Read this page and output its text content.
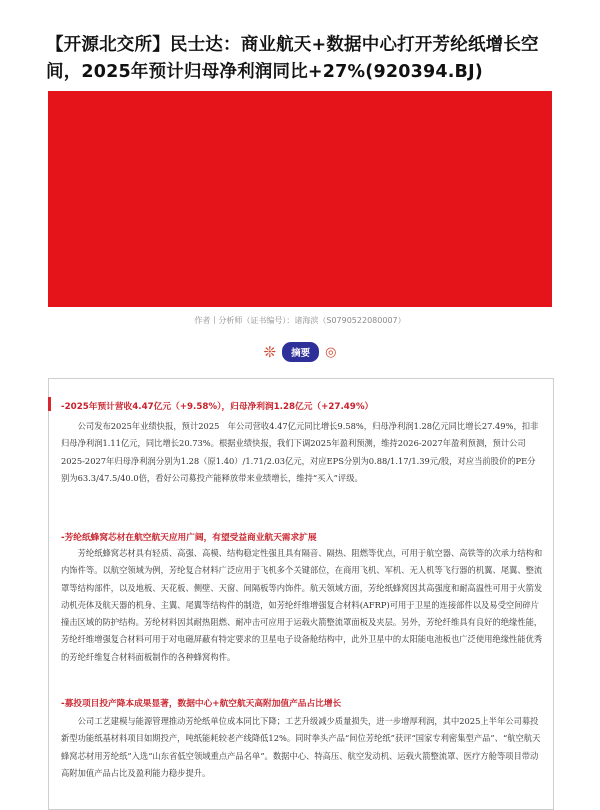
【开源北交所】民士达：商业航天+数据中心打开芳纶纸增长空间，2025年预计归母净利润同比+27%(920394.BJ)
作者丨分析师（证书编号）：诸海滨（S0790522080007）
❊	摘要	◎
-2025年预计营收4.47亿元（+9.58%），归母净利润1.28亿元（+27.49%）
公司发布2025年业绩快报，预计2025　年公司营收4.47亿元同比增长9.58%，归母净利润1.28亿元同比增长27.49%，扣非归母净利润1.11亿元，同比增长20.73%。根据业绩快报，我们下调2025年盈利预测，维持2026-2027年盈利预测，预计公司2025-2027年归母净利润分别为1.28（原1.40）/1.71/2.03亿元，对应EPS分别为0.88/1.17/1.39元/股，对应当前股价的PE分别为63.3/47.5/40.0倍，看好公司募投产能释放带来业绩增长，维持“买入”评级。
-芳纶纸蜂窝芯材在航空航天应用广阔，有望受益商业航天需求扩展
芳纶纸蜂窝芯材具有轻质、高强、高模、结构稳定性强且具有隔音、隔热、阻燃等优点，可用于航空器、高铁等的次承力结构和内饰件等。以航空领域为例，芳纶复合材料广泛应用于飞机多个关键部位，在商用飞机、军机、无人机等飞行器的机翼、尾翼、整流罩等结构部件，以及地板、天花板、侧壁、天窗、间隔板等内饰件。航天领域方面，芳纶纸蜂窝因其高强度和耐高温性可用于火箭发动机壳体及航天器的机身、主翼、尾翼等结构件的制造，如芳纶纤维增强复合材料(AFRP)可用于卫星的连接部件以及易受空间碎片撞击区域的防护结构。芳纶材料因其耐热阻燃、耐冲击可应用于运载火箭整流罩面板及夹层。另外，芳纶纤维具有良好的绝缘性能，芳纶纤维增强复合材料可用于对电磁屏蔽有特定要求的卫星电子设备舱结构中，此外卫星中的太阳能电池板也广泛使用绝缘性能优秀的芳纶纤维复合材料面板制作的各种蜂窝构件。
-募投项目投产降本成果显著，数据中心+航空航天高附加值产品占比增长
公司工艺建模与能源管理推动芳纶纸单位成本同比下降；工艺升级减少质量损失，进一步增厚利润，其中2025上半年公司募投新型功能纸基材料项目如期投产，吨纸能耗较老产线降低12%。同时拳头产品“间位芳纶纸”获评“国家专利密集型产品”、“航空航天蜂窝芯材用芳纶纸”入选“山东省低空领域重点产品名单”。数据中心、特高压、航空发动机、运载火箭整流罩、医疗方舱等项目带动高附加值产品占比及盈利能力稳步提升。
